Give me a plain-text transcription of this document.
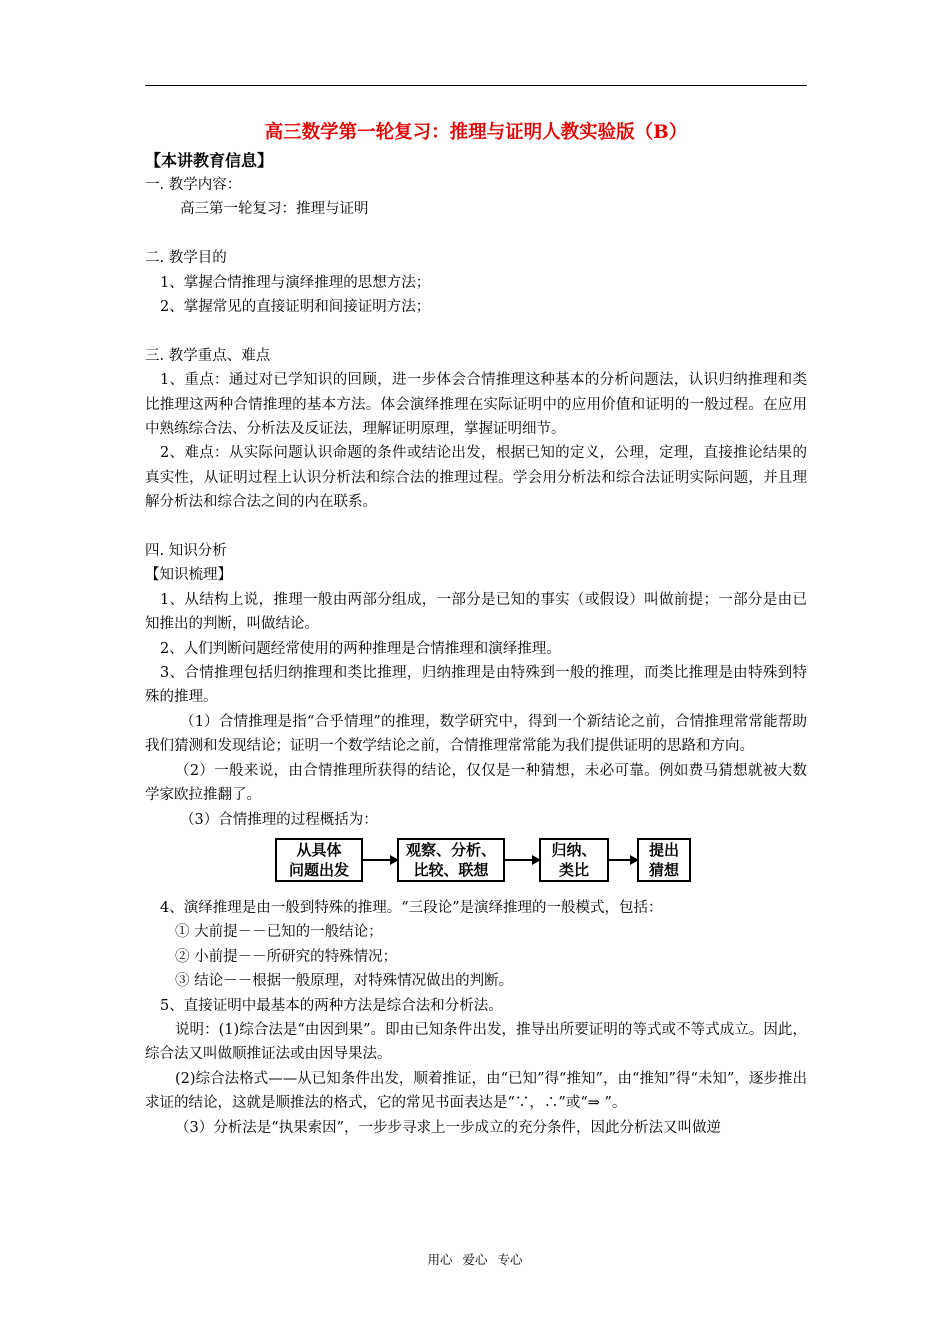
高三数学第一轮复习：推理与证明人教实验版（B）
【本讲教育信息】

一. 教学内容：

高三第一轮复习：推理与证明

二. 教学目的

1、掌握合情推理与演绎推理的思想方法；

2、掌握常见的直接证明和间接证明方法；

三. 教学重点、难点

1、重点：通过对已学知识的回顾，进一步体会合情推理这种基本的分析问题法，认识归纳推理和类比推理这两种合情推理的基本方法。体会演绎推理在实际证明中的应用价值和证明的一般过程。在应用中熟练综合法、分析法及反证法，理解证明原理，掌握证明细节。

2、难点：从实际问题认识命题的条件或结论出发，根据已知的定义，公理，定理，直接推论结果的真实性，从证明过程上认识分析法和综合法的推理过程。学会用分析法和综合法证明实际问题，并且理解分析法和综合法之间的内在联系。

四. 知识分析

【知识梳理】

1、从结构上说，推理一般由两部分组成，一部分是已知的事实（或假设）叫做前提；一部分是由已知推出的判断，叫做结论。

2、人们判断问题经常使用的两种推理是合情推理和演绎推理。

3、合情推理包括归纳推理和类比推理，归纳推理是由特殊到一般的推理，而类比推理是由特殊到特殊的推理。

（1）合情推理是指“合乎情理”的推理，数学研究中，得到一个新结论之前，合情推理常常能帮助我们猜测和发现结论；证明一个数学结论之前，合情推理常常能为我们提供证明的思路和方向。

（2）一般来说，由合情推理所获得的结论，仅仅是一种猜想，未必可靠。例如费马猜想就被大数学家欧拉推翻了。

（3）合情推理的过程概括为：

从具体
问题出发
观察、分析、
比较、联想
归纳、
类比
提出
猜想

4、演绎推理是由一般到特殊的推理。“三段论”是演绎推理的一般模式，包括：

① 大前提－－已知的一般结论；

② 小前提－－所研究的特殊情况；

③ 结论－－根据一般原理，对特殊情况做出的判断。

5、直接证明中最基本的两种方法是综合法和分析法。

说明：(1)综合法是“由因到果”。即由已知条件出发，推导出所要证明的等式或不等式成立。因此，综合法又叫做顺推证法或由因导果法。

(2)综合法格式——从已知条件出发，顺着推证，由“已知”得“推知”，由“推知”得“未知”，逐步推出求证的结论，这就是顺推法的格式，它的常见书面表达是“∵，∴”或“⇒ ”。

（3）分析法是“执果索因”，一步步寻求上一步成立的充分条件，因此分析法又叫做逆

用心 爱心 专心
